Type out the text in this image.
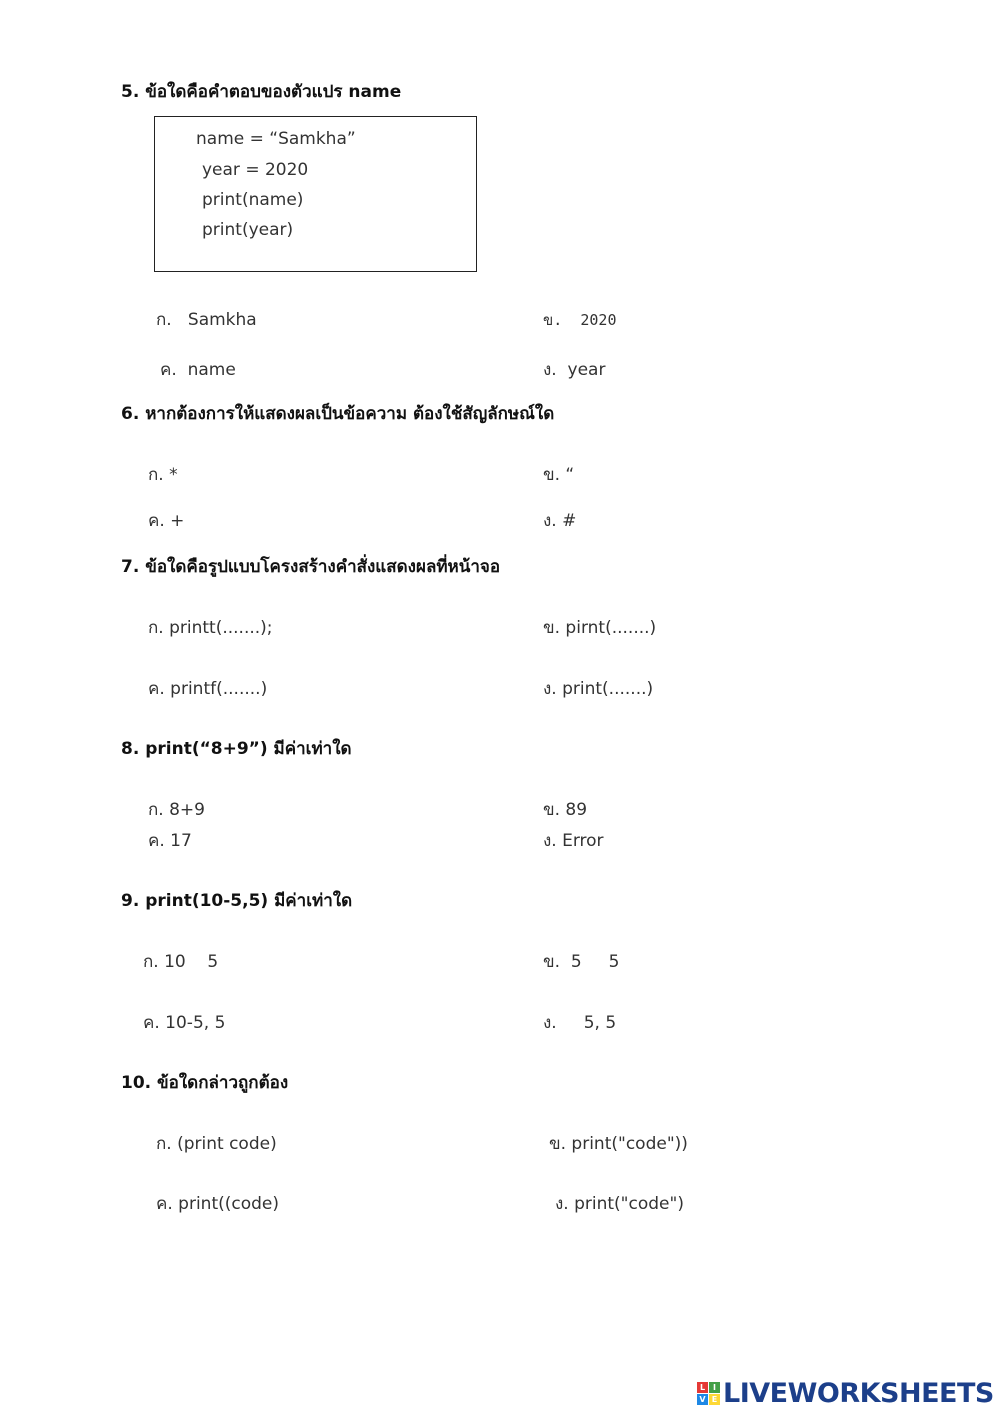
5. ข้อใดคือคำตอบของตัวแปร name
name = “Samkha”
year = 2020
print(name)
print(year)
ก.   Samkha	ข.  2020
ค.  name	ง.  year
6. หากต้องการให้แสดงผลเป็นข้อความ ต้องใช้สัญลักษณ์ใด
ก. *	ข. “
ค. +	ง. #
7. ข้อใดคือรูปแบบโครงสร้างคำสั่งแสดงผลที่หน้าจอ
ก. printt(.......);	ข. pirnt(.......)
ค. printf(.......)	ง. print(.......)
8. print(“8+9”) มีค่าเท่าใด
ก. 8+9	ข. 89
ค. 17	ง. Error
9. print(10-5,5) มีค่าเท่าใด
ก. 10    5	ข.  5     5
ค. 10-5, 5	ง.     5, 5
10. ข้อใดกล่าวถูกต้อง
ก. (print code)	ข. print("code"))
ค. print((code)	ง. print("code")
L I
V E LIVEWORKSHEETS
